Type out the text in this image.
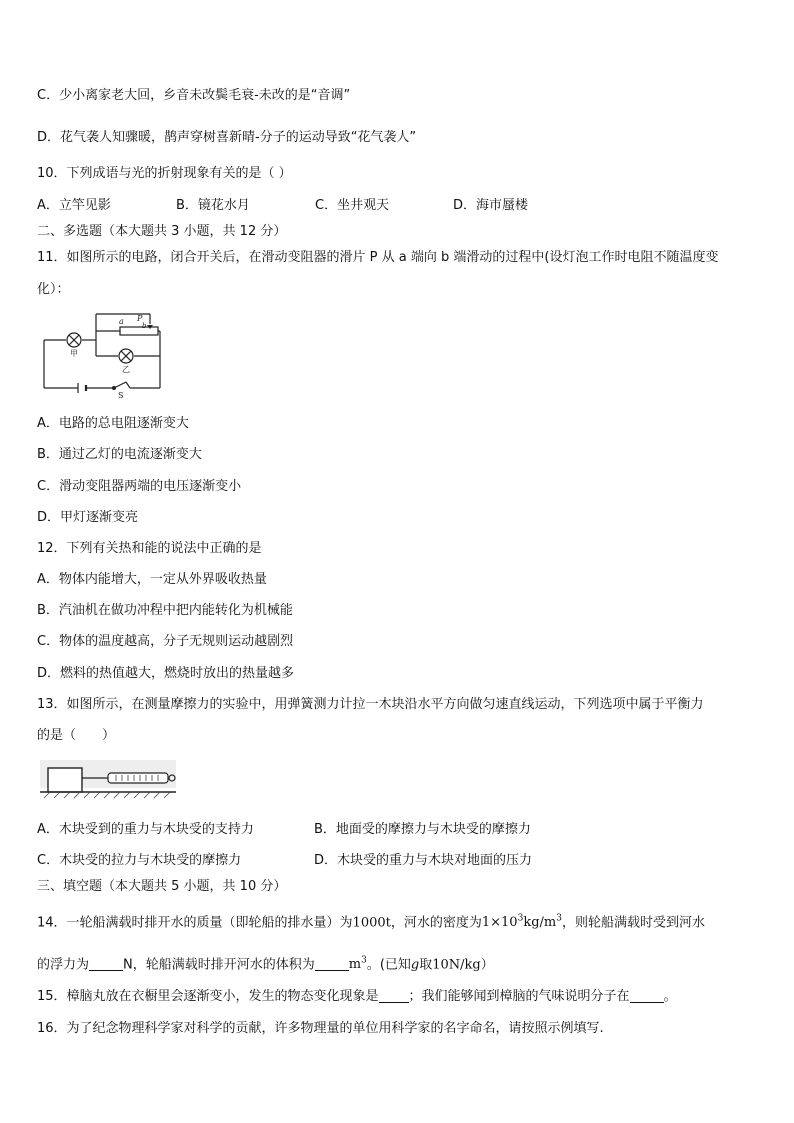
C．少小离家老大回，乡音未改鬓毛衰-未改的是“音调”
D．花气袭人知骤暖，鹊声穿树喜新晴-分子的运动导致“花气袭人”
10．下列成语与光的折射现象有关的是（ ）
A．立竿见影	B．镜花水月	C．坐井观天	D．海市蜃楼
二、多选题（本大题共 3 小题，共 12 分）
11．如图所示的电路，闭合开关后，在滑动变阻器的滑片 P 从 a 端向 b 端滑动的过程中(设灯泡工作时电阻不随温度变
化）：
甲
乙
S
P
a	b
A．电路的总电阻逐渐变大
B．通过乙灯的电流逐渐变大
C．滑动变阻器两端的电压逐渐变小
D．甲灯逐渐变亮
12．下列有关热和能的说法中正确的是
A．物体内能增大，一定从外界吸收热量
B．汽油机在做功冲程中把内能转化为机械能
C．物体的温度越高，分子无规则运动越剧烈
D．燃料的热值越大，燃烧时放出的热量越多
13．如图所示，在测量摩擦力的实验中，用弹簧测力计拉一木块沿水平方向做匀速直线运动，下列选项中属于平衡力
的是（　　）
A．木块受到的重力与木块受的支持力	B．地面受的摩擦力与木块受的摩擦力
C．木块受的拉力与木块受的摩擦力	D．木块受的重力与木块对地面的压力
三、填空题（本大题共 5 小题，共 10 分）
14．一轮船满载时排开水的质量（即轮船的排水量）为1000t，河水的密度为$1\times 10^3kg/m^3$，则轮船满载时受到河水
的浮力为	N，轮船满载时排开河水的体积为	$m^3$。(已知g取10N/kg）
15．樟脑丸放在衣橱里会逐渐变小，发生的物态变化现象是 ；我们能够闻到樟脑的气味说明分子在	。
16．为了纪念物理科学家对科学的贡献，许多物理量的单位用科学家的名字命名，请按照示例填写.
